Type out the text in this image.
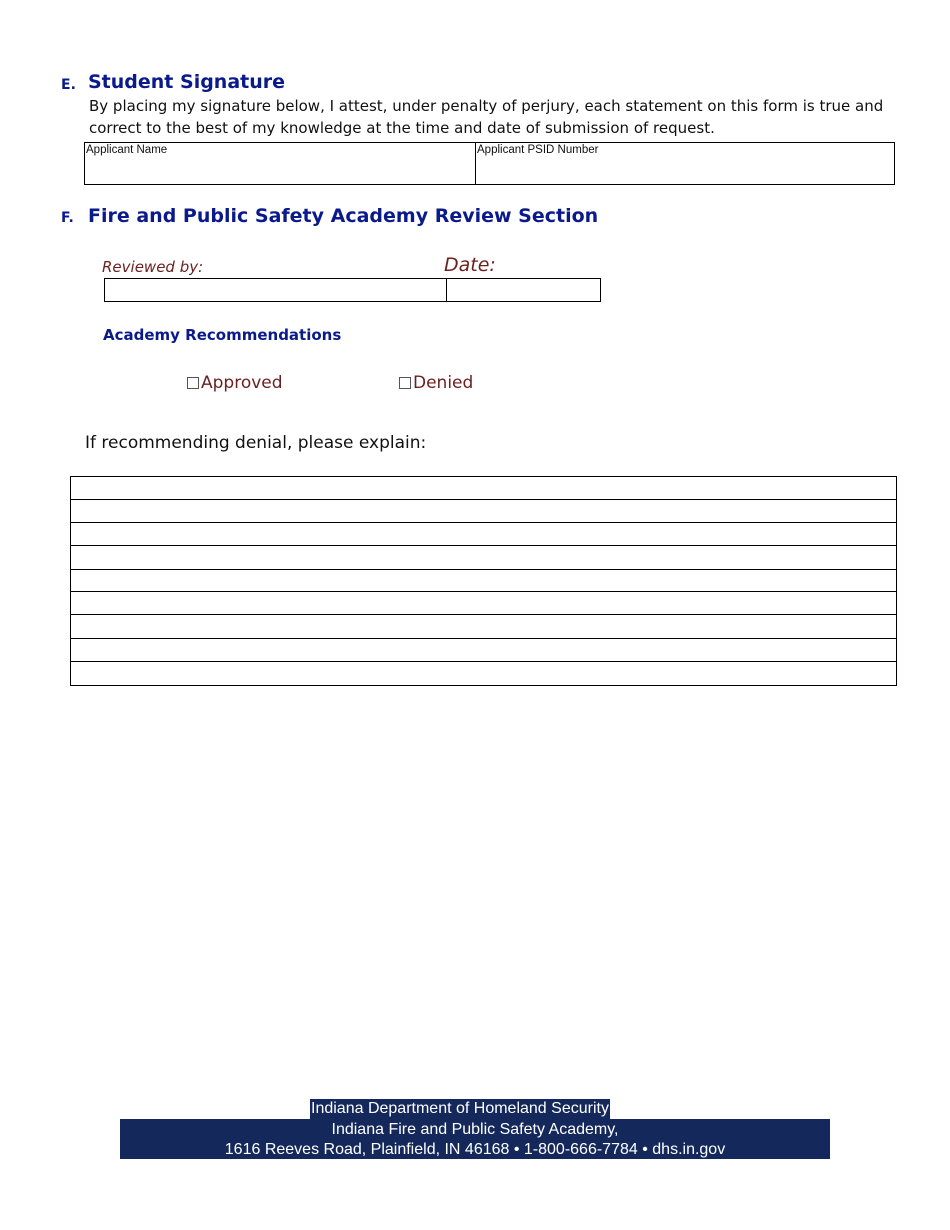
E. Student Signature
By placing my signature below, I attest, under penalty of perjury, each statement on this form is true and
correct to the best of my knowledge at the time and date of submission of request.
Applicant Name	Applicant PSID Number
F. Fire and Public Safety Academy Review Section
Reviewed by:	Date:
Academy Recommendations
Approved	Denied
If recommending denial, please explain:
Indiana Department of Homeland Security
Indiana Fire and Public Safety Academy,
1616 Reeves Road, Plainfield, IN 46168 • 1-800-666-7784 • dhs.in.gov
